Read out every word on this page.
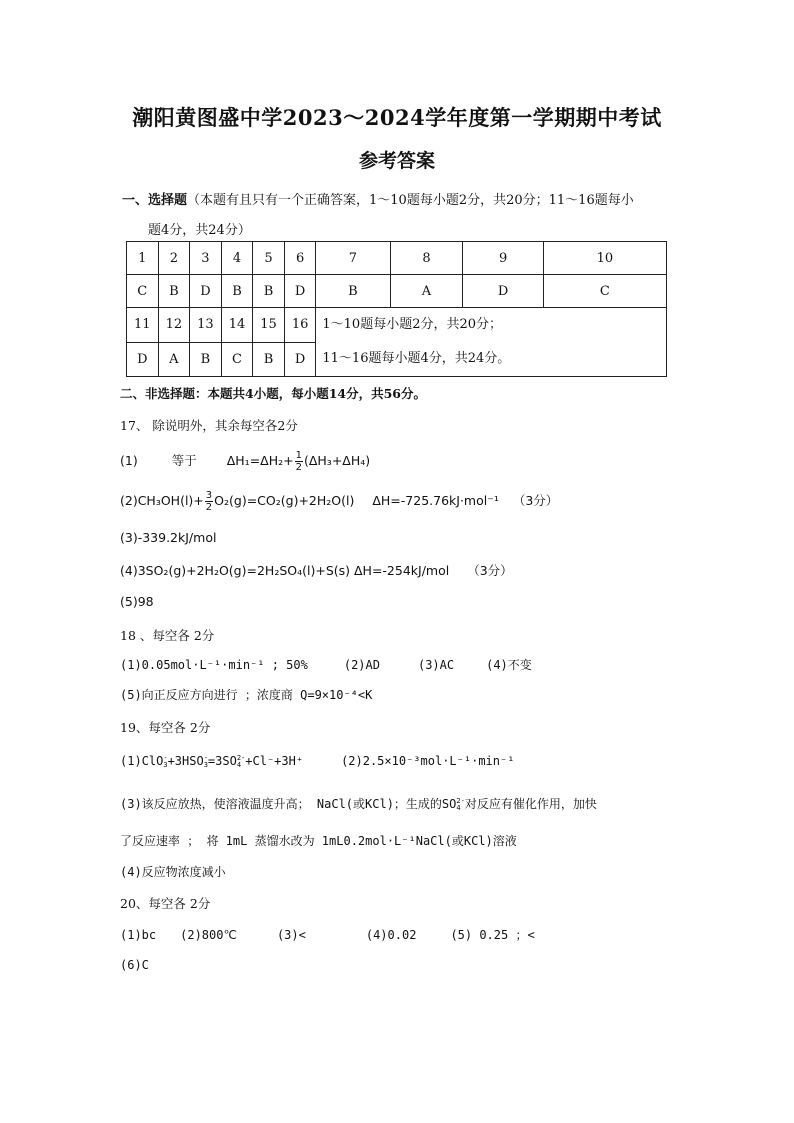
潮阳黄图盛中学2023～2024学年度第一学期期中考试
参考答案
一、选择题（本题有且只有一个正确答案，1～10题每小题2分，共20分；11～16题每小
题4分，共24分）
1	2	3	4	5	6	7	8	9	10
C	B	D	B	B	D	B	A	D	C
11	12	13	14	15	16	1～10题每小题2分，共20分；
11～16题每小题4分，共24分。			

D	A	B	C	B	D				
二、非选择题：本题共4小题，每小题14分，共56分。
17、 除说明外，其余每空各2分
(1)	等于 $\Delta H_1=\Delta H_2+ \frac{1}{2} (\Delta H_3+\Delta H_4)$
$(2)CH_3OH(l)+ \frac{3}{2} O_2(g)=CO_2(g)+2H_2O(l)$ ΔH=-725.76kJ·mol⁻¹ （3分）
(3)-339.2kJ/mol
(4)3SO₂(g)+2H₂O(g)=2H₂SO₄(l)+S(s) ΔH=-254kJ/mol （3分）
(5)98
18 、每空各 2分
(1)0.05mol·L⁻¹·min⁻¹ ; 50%	(2)AD	(3)AC	(4)不变
(5)向正反应方向进行 ；浓度商 Q=9×10⁻⁴<K
19、每空各 2分
(1)ClO -
3 +3HSO -
3 =3SO 2-
4 +Cl⁻+3H⁺	(2)2.5×10⁻³mol·L⁻¹·min⁻¹
(3)该反应放热，使溶液温度升高； NaCl(或KCl)；生成的SO 2-
4 对反应有催化作用，加快
了反应速率 ； 将 1mL 蒸馏水改为 1mL0.2mol·L⁻¹NaCl(或KCl)溶液
(4)反应物浓度减小
20、每空各 2分
(1)bc (2)800℃	(3)<	(4)0.02	(5) 0.25 ；<
(6)C
